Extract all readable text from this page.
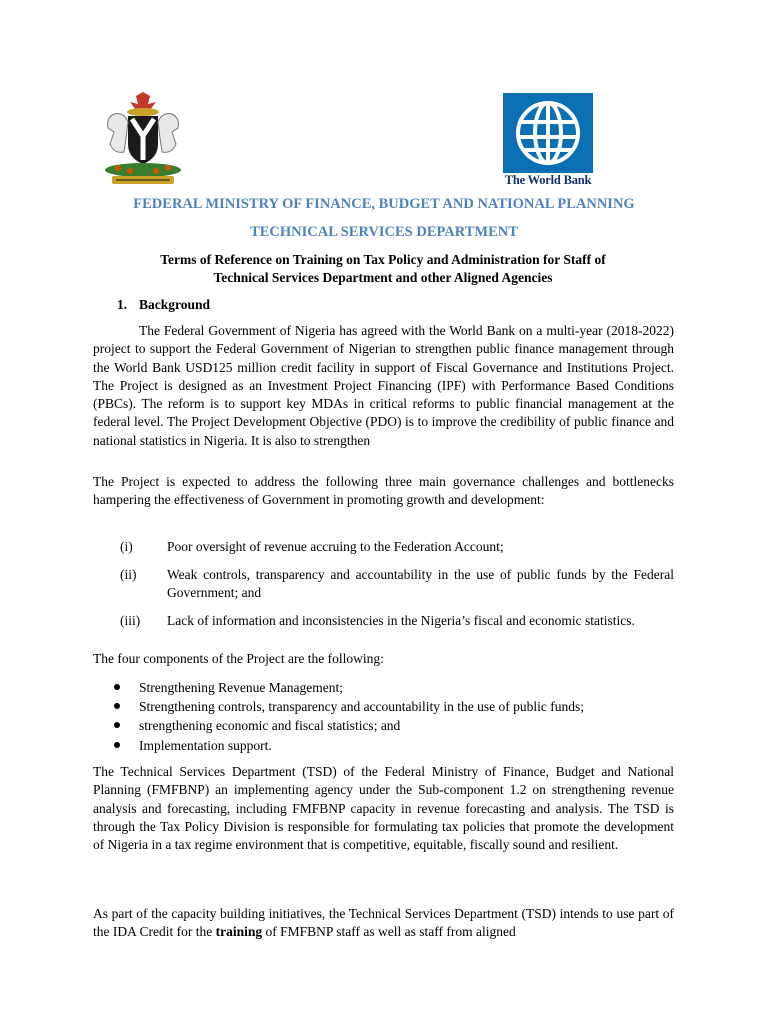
The World Bank
FEDERAL MINISTRY OF FINANCE, BUDGET AND NATIONAL PLANNING
TECHNICAL SERVICES DEPARTMENT
Terms of Reference on Training on Tax Policy and Administration for Staff of
Technical Services Department and other Aligned Agencies
1. Background
The Federal Government of Nigeria has agreed with the World Bank on a multi-year (2018-2022) project to support the Federal Government of Nigerian to strengthen public finance management through the World Bank USD125 million credit facility in support of Fiscal Governance and Institutions Project. The Project is designed as an Investment Project Financing (IPF) with Performance Based Conditions (PBCs). The reform is to support key MDAs in critical reforms to public financial management at the federal level. The Project Development Objective (PDO) is to improve the credibility of public finance and national statistics in Nigeria. It is also to strengthen
The Project is expected to address the following three main governance challenges and bottlenecks hampering the effectiveness of Government in promoting growth and development:
(i)	Poor oversight of revenue accruing to the Federation Account;
(ii)	Weak controls, transparency and accountability in the use of public funds by the Federal Government; and
(iii)	Lack of information and inconsistencies in the Nigeria’s fiscal and economic statistics.
The four components of the Project are the following:
Strengthening Revenue Management;
Strengthening controls, transparency and accountability in the use of public funds;
strengthening economic and fiscal statistics; and
Implementation support.
The Technical Services Department (TSD) of the Federal Ministry of Finance, Budget and National Planning (FMFBNP) an implementing agency under the Sub-component 1.2 on strengthening revenue analysis and forecasting, including FMFBNP capacity in revenue forecasting and analysis. The TSD is through the Tax Policy Division is responsible for formulating tax policies that promote the development of Nigeria in a tax regime environment that is competitive, equitable, fiscally sound and resilient.
As part of the capacity building initiatives, the Technical Services Department (TSD) intends to use part of the IDA Credit for the training of FMFBNP staff as well as staff from aligned
